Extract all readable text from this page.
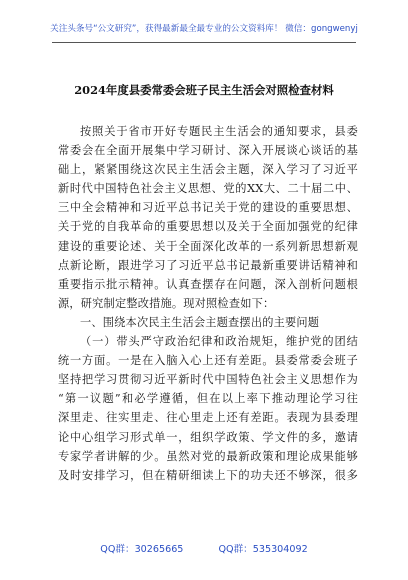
关注头条号“公文研究”，获得最新最全最专业的公文资料库！ 微信：gongwenyj
2024年度县委常委会班子民主生活会对照检查材料
按照关于省市开好专题民主生活会的通知要求，县委
常委会在全面开展集中学习研讨、深入开展谈心谈话的基
础上，紧紧围绕这次民主生活会主题，深入学习了习近平
新时代中国特色社会主义思想、党的XX大、二十届二中、
三中全会精神和习近平总书记关于党的建设的重要思想、
关于党的自我革命的重要思想以及关于全面加强党的纪律
建设的重要论述、关于全面深化改革的一系列新思想新观
点新论断，跟进学习了习近平总书记最新重要讲话精神和
重要指示批示精神。认真查摆存在问题，深入剖析问题根
源，研究制定整改措施。现对照检查如下：
一、围绕本次民主生活会主题查摆出的主要问题
（一）带头严守政治纪律和政治规矩，维护党的团结
统一方面。一是在入脑入心上还有差距。县委常委会班子
坚持把学习贯彻习近平新时代中国特色社会主义思想作为
“第一议题”和必学遵循，但在以上率下推动理论学习往
深里走、往实里走、往心里走上还有差距。表现为县委理
论中心组学习形式单一，组织学政策、学文件的多，邀请
专家学者讲解的少。虽然对党的最新政策和理论成果能够
及时安排学习，但在精研细读上下的功夫还不够深，很多
QQ群：30265665	QQ群：535304092
